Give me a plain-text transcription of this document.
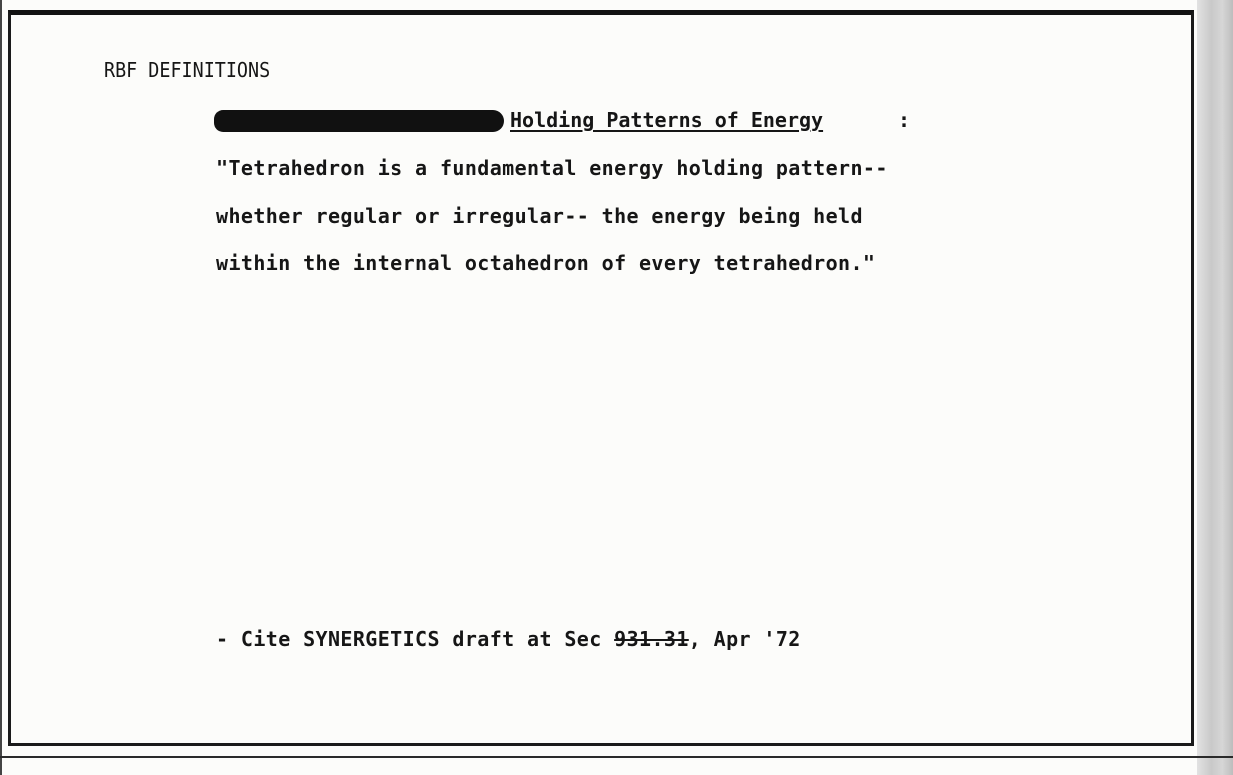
RBF DEFINITIONS
Holding Patterns of Energy	:
"Tetrahedron is a fundamental energy holding pattern--
whether regular or irregular-- the energy being held
within the internal octahedron of every tetrahedron."
- Cite SYNERGETICS draft at Sec 931.31, Apr '72
